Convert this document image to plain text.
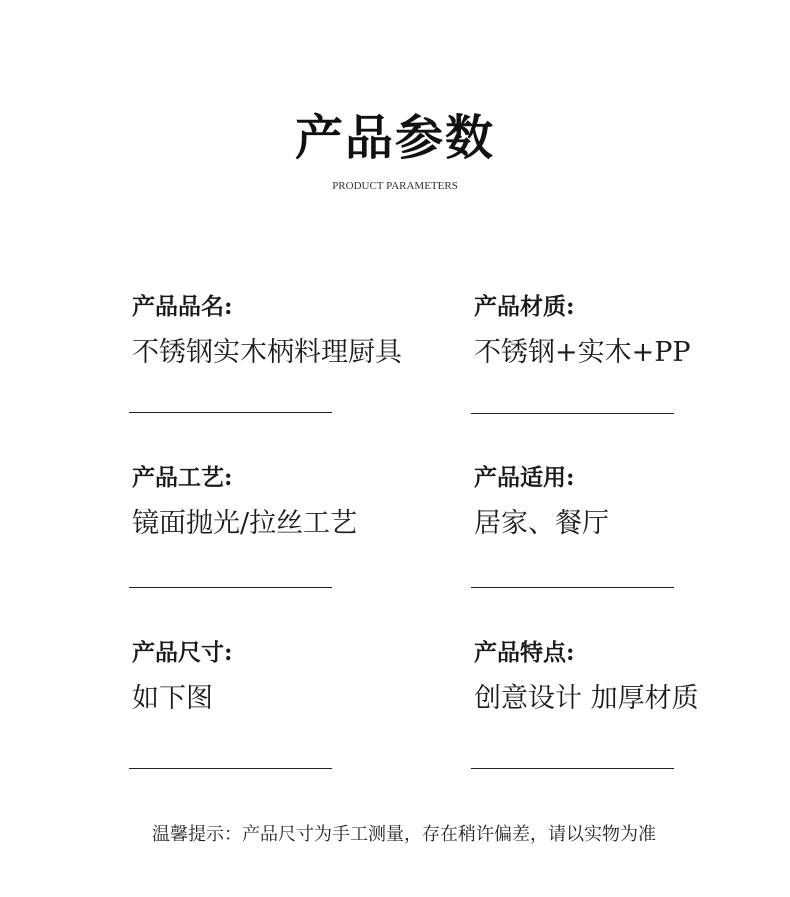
产品参数
PRODUCT PARAMETERS
产品品名:
不锈钢实木柄料理厨具
产品材质:
不锈钢+实木+PP
产品工艺:
镜面抛光/拉丝工艺
产品适用:
居家、餐厅
产品尺寸:
如下图
产品特点:
创意设计 加厚材质
温馨提示：产品尺寸为手工测量，存在稍许偏差，请以实物为准
